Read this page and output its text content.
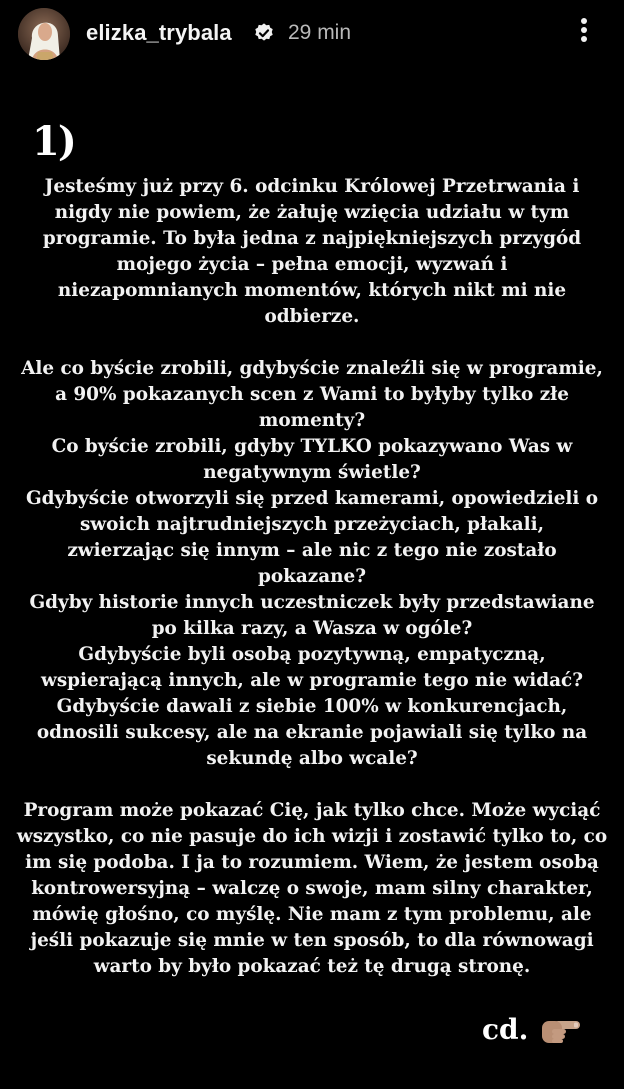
elizka_trybala	29 min
1)

Jesteśmy już przy 6. odcinku Królowej Przetrwania i
nigdy nie powiem, że żałuję wzięcia udziału w tym
programie. To była jedna z najpiękniejszych przygód
mojego życia – pełna emocji, wyzwań i
niezapomnianych momentów, których nikt mi nie
odbierze.

Ale co byście zrobili, gdybyście znaleźli się w programie,
a 90% pokazanych scen z Wami to byłyby tylko złe
momenty?
Co byście zrobili, gdyby TYLKO pokazywano Was w
negatywnym świetle?
Gdybyście otworzyli się przed kamerami, opowiedzieli o
swoich najtrudniejszych przeżyciach, płakali,
zwierzając się innym – ale nic z tego nie zostało
pokazane?
Gdyby historie innych uczestniczek były przedstawiane
po kilka razy, a Wasza w ogóle?
Gdybyście byli osobą pozytywną, empatyczną,
wspierającą innych, ale w programie tego nie widać?
Gdybyście dawali z siebie 100% w konkurencjach,
odnosili sukcesy, ale na ekranie pojawiali się tylko na
sekundę albo wcale?

Program może pokazać Cię, jak tylko chce. Może wyciąć
wszystko, co nie pasuje do ich wizji i zostawić tylko to, co
im się podoba. I ja to rozumiem. Wiem, że jestem osobą
kontrowersyjną – walczę o swoje, mam silny charakter,
mówię głośno, co myślę. Nie mam z tym problemu, ale
jeśli pokazuje się mnie w ten sposób, to dla równowagi
warto by było pokazać też tę drugą stronę.

cd.
